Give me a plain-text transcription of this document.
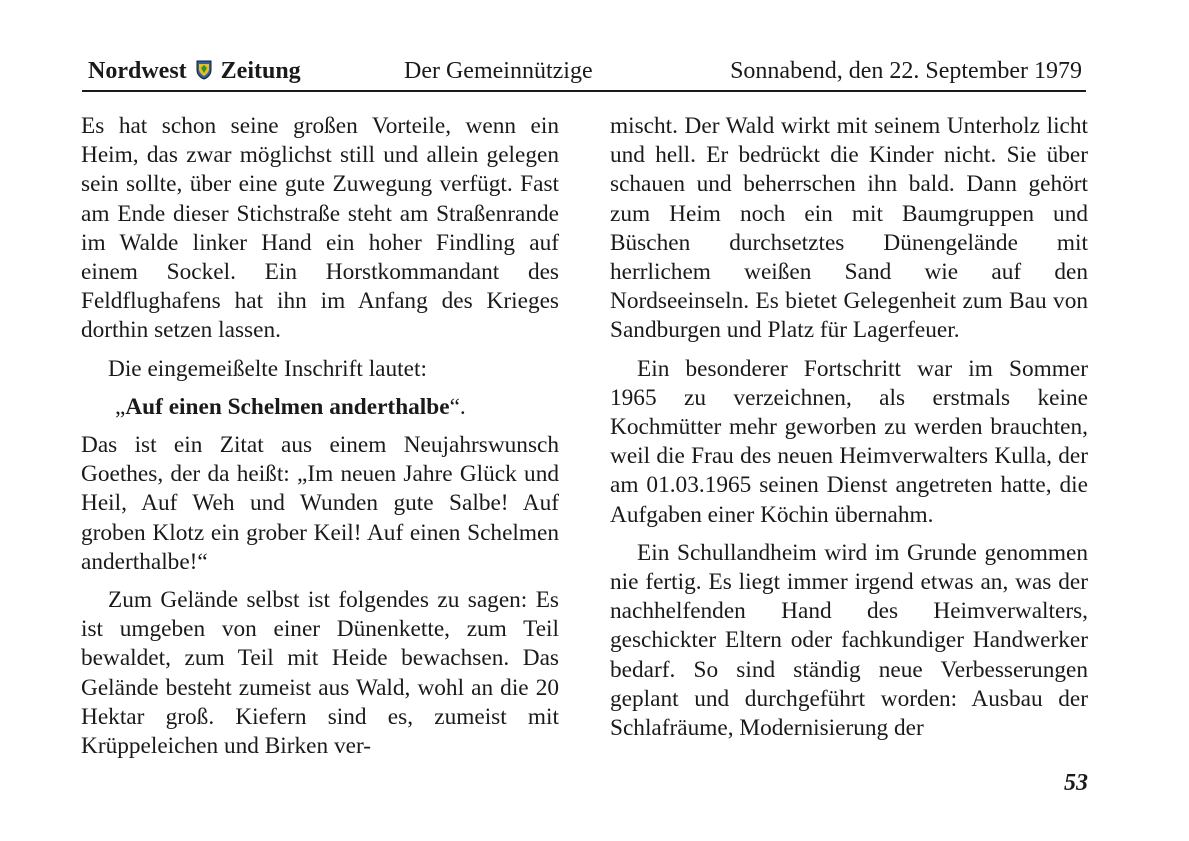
Nordwest Zeitung	Der Gemeinnützige	Sonnabend, den 22. September 1979

Es hat schon seine großen Vorteile, wenn ein Heim, das zwar möglichst still und allein gelegen sein sollte, über eine gute Zuwegung verfügt. Fast am Ende dieser Stichstraße steht am Straßenrande im Walde linker Hand ein hoher Findling auf einem Sockel. Ein Horstkommandant des Feldflughafens hat ihn im Anfang des Krieges dorthin setzen lassen.

Die eingemeißelte Inschrift lautet:

„Auf einen Schelmen anderthalbe“.

Das ist ein Zitat aus einem Neujahrswunsch Goethes, der da heißt: „Im neuen Jahre Glück und Heil, Auf Weh und Wunden gute Salbe! Auf groben Klotz ein grober Keil! Auf einen Schelmen anderthalbe!“

Zum Gelände selbst ist folgendes zu sagen: Es ist umgeben von einer Dünenkette, zum Teil bewaldet, zum Teil mit Heide bewachsen. Das Gelände besteht zumeist aus Wald, wohl an die 20 Hektar groß. Kiefern sind es, zumeist mit Krüppeleichen und Birken ver-

mischt. Der Wald wirkt mit seinem Unterholz licht und hell. Er bedrückt die Kinder nicht. Sie über schauen und beherrschen ihn bald. Dann gehört zum Heim noch ein mit Baumgruppen und Büschen durchsetztes Dünengelände mit herrlichem weißen Sand wie auf den Nordseeinseln. Es bietet Gelegenheit zum Bau von Sandburgen und Platz für Lagerfeuer.

Ein besonderer Fortschritt war im Sommer 1965 zu verzeichnen, als erstmals keine Kochmütter mehr geworben zu werden brauchten, weil die Frau des neuen Heimverwalters Kulla, der am 01.03.1965 seinen Dienst angetreten hatte, die Aufgaben einer Köchin übernahm.

Ein Schullandheim wird im Grunde genommen nie fertig. Es liegt immer irgend etwas an, was der nachhelfenden Hand des Heimverwalters, geschickter Eltern oder fachkundiger Handwerker bedarf. So sind ständig neue Verbesserungen geplant und durchgeführt worden: Ausbau der Schlafräume, Modernisierung der

53
